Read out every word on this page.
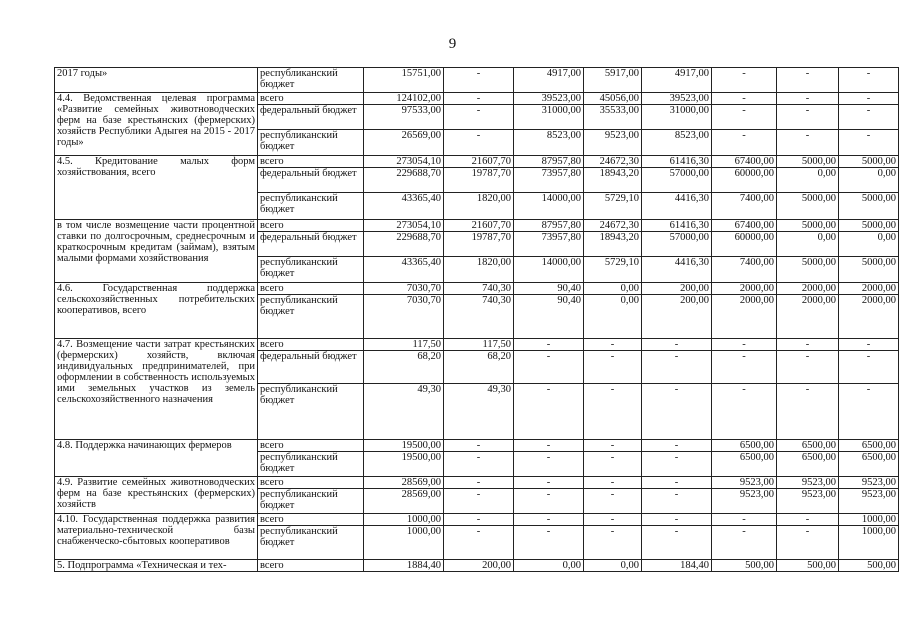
9
2017 годы»	республиканский бюджет	15751,00	-	4917,00	5917,00	4917,00	-	-	-
4.4. Ведомственная целевая программа «Развитие семейных животноводческих ферм на базе крестьянских (фермерских) хозяйств Республики Адыгея на 2015 - 2017 годы»	всего	124102,00	-	39523,00	45056,00	39523,00	-	-	-
	федеральный бюджет	97533,00	-	31000,00	35533,00	31000,00	-	-	-
	республиканский бюджет	26569,00	-	8523,00	9523,00	8523,00	-	-	-
4.5. Кредитование малых форм хозяйствования, всего	всего	273054,10	21607,70	87957,80	24672,30	61416,30	67400,00	5000,00	5000,00
	федеральный бюджет	229688,70	19787,70	73957,80	18943,20	57000,00	60000,00	0,00	0,00
	республиканский бюджет	43365,40	1820,00	14000,00	5729,10	4416,30	7400,00	5000,00	5000,00
в том числе возмещение части процентной ставки по долгосрочным, среднесрочным и краткосрочным кредитам (займам), взятым малыми формами хозяйствования	всего	273054,10	21607,70	87957,80	24672,30	61416,30	67400,00	5000,00	5000,00
	федеральный бюджет	229688,70	19787,70	73957,80	18943,20	57000,00	60000,00	0,00	0,00
	республиканский бюджет	43365,40	1820,00	14000,00	5729,10	4416,30	7400,00	5000,00	5000,00
4.6. Государственная поддержка сельскохозяйственных потребительских кооперативов, всего	всего	7030,70	740,30	90,40	0,00	200,00	2000,00	2000,00	2000,00
	республиканский бюджет	7030,70	740,30	90,40	0,00	200,00	2000,00	2000,00	2000,00
4.7. Возмещение части затрат крестьянских (фермерских) хозяйств, включая индивидуальных предпринимателей, при оформлении в собственность используемых ими земельных участков из земель сельскохозяйственного назначения	всего	117,50	117,50	-	-	-	-	-	-
	федеральный бюджет	68,20	68,20	-	-	-	-	-	-
	республиканский бюджет	49,30	49,30	-	-	-	-	-	-
4.8. Поддержка начинающих фермеров	всего	19500,00	-	-	-	-	6500,00	6500,00	6500,00
	республиканский бюджет	19500,00	-	-	-	-	6500,00	6500,00	6500,00
4.9. Развитие семейных животноводческих ферм на базе крестьянских (фермерских) хозяйств	всего	28569,00	-	-	-	-	9523,00	9523,00	9523,00
	республиканский бюджет	28569,00	-	-	-	-	9523,00	9523,00	9523,00
4.10. Государственная поддержка развития материально-технической базы снабженческо-сбытовых кооперативов	всего	1000,00	-	-	-	-	-	-	1000,00
	республиканский бюджет	1000,00	-	-	-	-	-	-	1000,00
5. Подпрограмма «Техническая и тех-	всего	1884,40	200,00	0,00	0,00	184,40	500,00	500,00	500,00
